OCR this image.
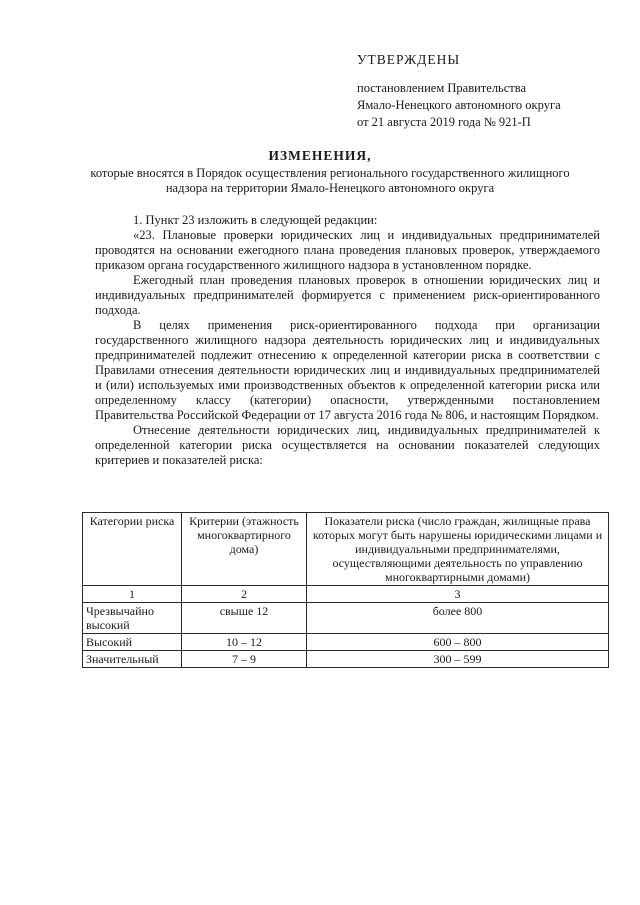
УТВЕРЖДЕНЫ
постановлением Правительства
Ямало-Ненецкого автономного округа
от 21 августа 2019 года № 921-П
ИЗМЕНЕНИЯ,
которые вносятся в Порядок осуществления регионального государственного жилищного надзора на территории Ямало-Ненецкого автономного округа

1. Пункт 23 изложить в следующей редакции:

«23. Плановые проверки юридических лиц и индивидуальных предпринимателей проводятся на основании ежегодного плана проведения плановых проверок, утверждаемого приказом органа государственного жилищного надзора в установленном порядке.

Ежегодный план проведения плановых проверок в отношении юридических лиц и индивидуальных предпринимателей формируется с применением риск-ориентированного подхода.

В целях применения риск-ориентированного подхода при организации государственного жилищного надзора деятельность юридических лиц и индивидуальных предпринимателей подлежит отнесению к определенной категории риска в соответствии с Правилами отнесения деятельности юридических лиц и индивидуальных предпринимателей и (или) используемых ими производственных объектов к определенной категории риска или определенному классу (категории) опасности, утвержденными постановлением Правительства Российской Федерации от 17 августа 2016 года № 806, и настоящим Порядком.

Отнесение деятельности юридических лиц, индивидуальных предпринимателей к определенной категории риска осуществляется на основании показателей следующих критериев и показателей риска:

Категории риска	Критерии (этажность многоквартирного дома)	Показатели риска (число граждан, жилищные права которых могут быть нарушены юридическими лицами и индивидуальными предпринимателями, осуществляющими деятельность по управлению многоквартирными домами)
1	2	3
Чрезвычайно высокий	свыше 12	более 800
Высокий	10 – 12	600 – 800
Значительный	7 – 9	300 – 599
